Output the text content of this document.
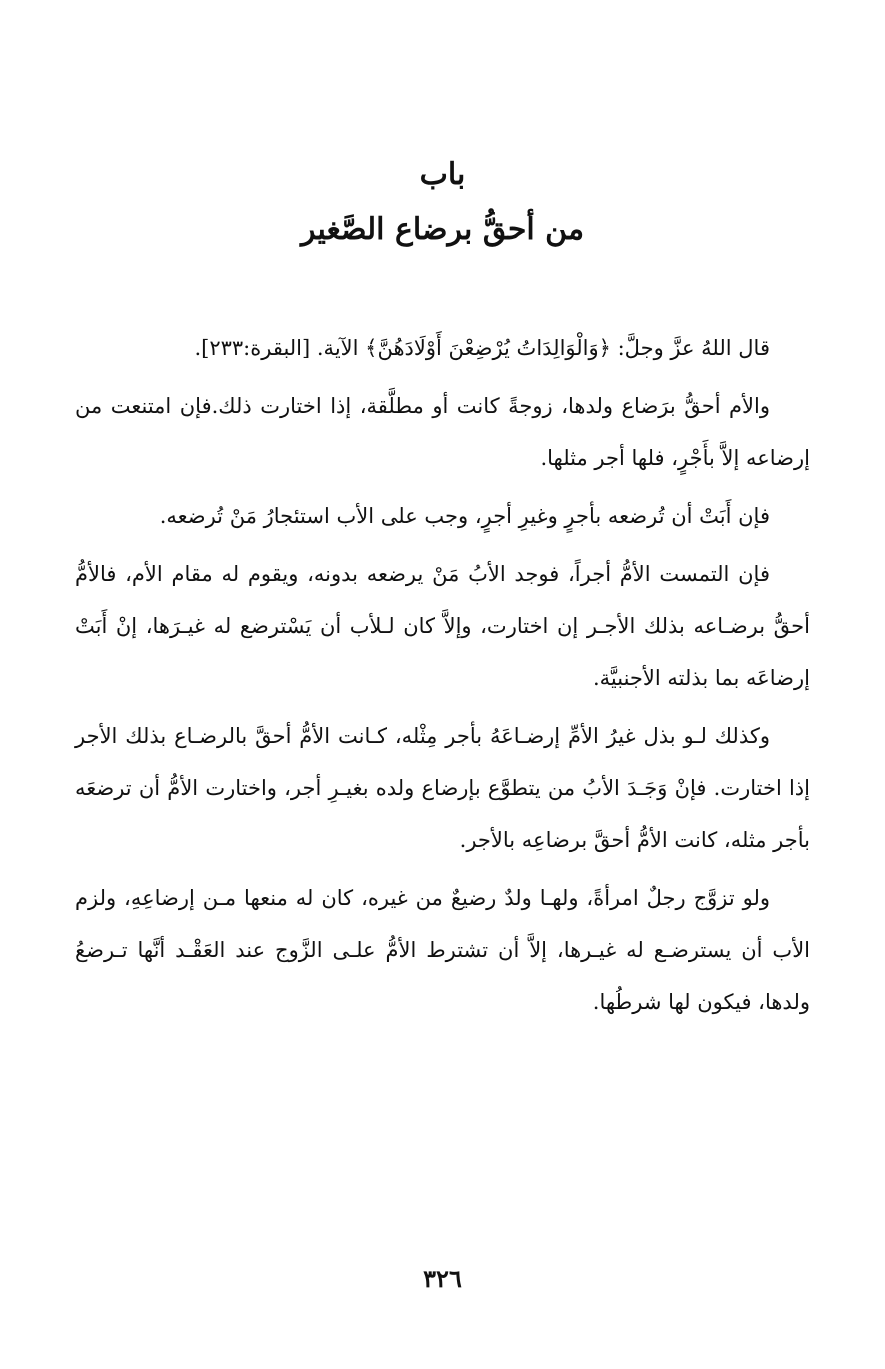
باب
من أحقُّ برضاع الصَّغير

قال اللهُ عزَّ وجلَّ: ﴿وَالْوَالِدَاتُ يُرْضِعْنَ أَوْلَادَهُنَّ﴾ الآية. [البقرة:٢٣٣].

والأم أحقُّ برَضاع ولدها، زوجةً كانت أو مطلَّقة، إذا اختارت ذلك.فإن امتنعت من إرضاعه إلاَّ بأَجْرٍ، فلها أجر مثلها.

فإن أَبَتْ أن تُرضعه بأجرٍ وغيرِ أجرٍ، وجب على الأب استئجارُ مَنْ تُرضعه.

فإن التمست الأمُّ أجراً، فوجد الأبُ مَنْ يرضعه بدونه، ويقوم له مقام الأم، فالأمُّ أحقُّ برضـاعه بذلك الأجـر إن اختارت، وإلاَّ كان لـلأب أن يَسْترضع له غيـرَها، إنْ أَبَتْ إرضاعَه بما بذلته الأجنبيَّة.

وكذلك لـو بذل غيرُ الأمِّ إرضـاعَهُ بأجر مِثْله، كـانت الأمُّ أحقَّ بالرضـاع بذلك الأجر إذا اختارت. فإنْ وَجَـدَ الأبُ من يتطوَّع بإرضاع ولده بغيـرِ أجر، واختارت الأمُّ أن ترضعَه بأجر مثله، كانت الأمُّ أحقَّ برضاعِه بالأجر.

ولو تزوَّج رجلٌ امرأةً، ولهـا ولدٌ رضيعٌ من غيره، كان له منعها مـن إرضاعِهِ، ولزم الأب أن يسترضـع له غيـرها، إلاَّ أن تشترط الأمُّ علـى الزَّوج عند العَقْـد أنَّها تـرضعُ ولدها، فيكون لها شرطُها.

٣٢٦
